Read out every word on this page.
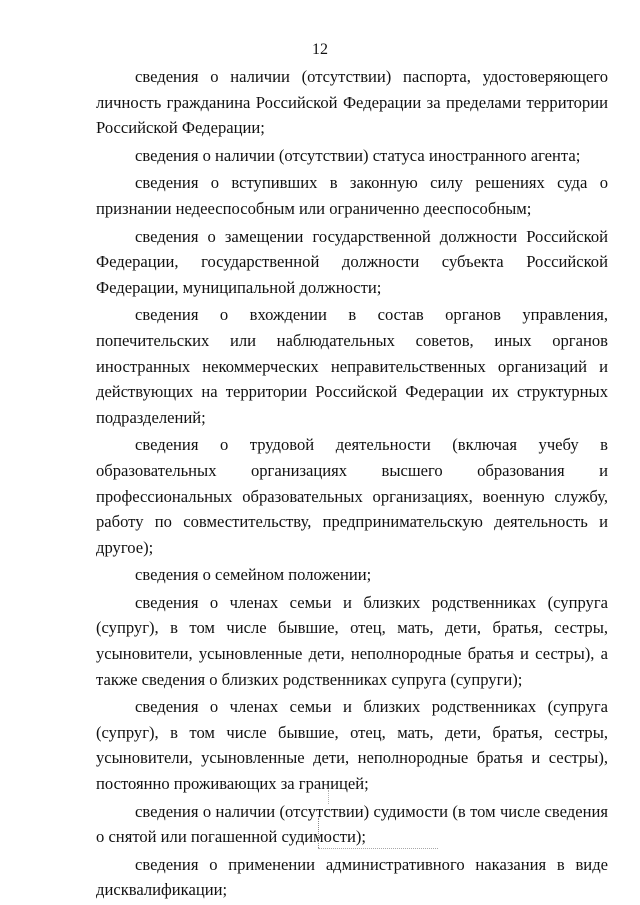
12

сведения о наличии (отсутствии) паспорта, удостоверяющего личность гражданина Российской Федерации за пределами территории Российской Федерации;

сведения о наличии (отсутствии) статуса иностранного агента;

сведения о вступивших в законную силу решениях суда о признании недееспособным или ограниченно дееспособным;

сведения о замещении государственной должности Российской Федерации, государственной должности субъекта Российской Федерации, муниципальной должности;

сведения о вхождении в состав органов управления, попечительских или наблюдательных советов, иных органов иностранных некоммерческих неправительственных организаций и действующих на территории Российской Федерации их структурных подразделений;

сведения о трудовой деятельности (включая учебу в образовательных организациях высшего образования и профессиональных образовательных организациях, военную службу, работу по совместительству, предпринимательскую деятельность и другое);

сведения о семейном положении;

сведения о членах семьи и близких родственниках (супруга (супруг), в том числе бывшие, отец, мать, дети, братья, сестры, усыновители, усыновленные дети, неполнородные братья и сестры), а также сведения о близких родственниках супруга (супруги);

сведения о членах семьи и близких родственниках (супруга (супруг), в том числе бывшие, отец, мать, дети, братья, сестры, усыновители, усыновленные дети, неполнородные братья и сестры), постоянно проживающих за границей;

сведения о наличии (отсутствии) судимости (в том числе сведения о снятой или погашенной судимости);

сведения о применении административного наказания в виде дисквалификации;
